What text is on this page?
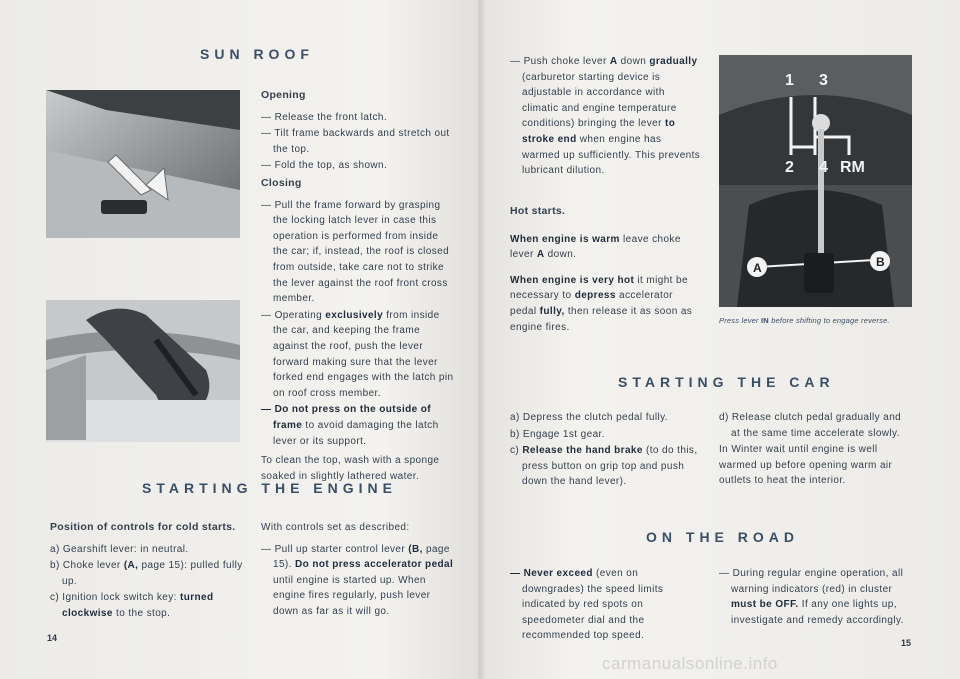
SUN ROOF
Opening

— Release the front latch.

— Tilt frame backwards and stretch out the top.

— Fold the top, as shown.

Closing

— Pull the frame forward by grasping the locking latch lever in case this operation is performed from inside the car; if, instead, the roof is closed from outside, take care not to strike the lever against the roof front cross member.

— Operating exclusively from inside the car, and keeping the frame against the roof, push the lever forward making sure that the lever forked end engages with the latch pin on roof cross member.

— Do not press on the outside of frame to avoid damaging the latch lever or its support.

To clean the top, wash with a sponge soaked in slightly lathered water.

STARTING THE ENGINE
Position of controls for cold starts.

a) Gearshift lever: in neutral.

b) Choke lever (A, page 15): pulled fully up.

c) Ignition lock switch key: turned clockwise to the stop.

With controls set as described:

— Pull up starter control lever (B, page 15). Do not press accelerator pedal until engine is started up. When engine fires regularly, push lever down as far as it will go.

14

— Push choke lever A down gradually (carburetor starting device is adjustable in accordance with climatic and engine temperature conditions) bringing the lever to stroke end when engine has warmed up sufficiently. This prevents lubricant dilution.

Hot starts.

When engine is warm leave choke lever A down.

When engine is very hot it might be necessary to depress accelerator pedal fully, then release it as soon as engine fires.

1 3
2 4 RM
A	B
Press lever IN before shifting to engage reverse.
STARTING THE CAR

a) Depress the clutch pedal fully.

b) Engage 1st gear.

c) Release the hand brake (to do this, press button on grip top and push down the hand lever).

d) Release clutch pedal gradually and at the same time accelerate slowly.

In Winter wait until engine is well warmed up before opening warm air outlets to heat the interior.

ON THE ROAD

— Never exceed (even on downgrades) the speed limits indicated by red spots on speedometer dial and the recommended top speed.

— During regular engine operation, all warning indicators (red) in cluster must be OFF. If any one lights up, investigate and remedy accordingly.

15
carmanualsonline.info
